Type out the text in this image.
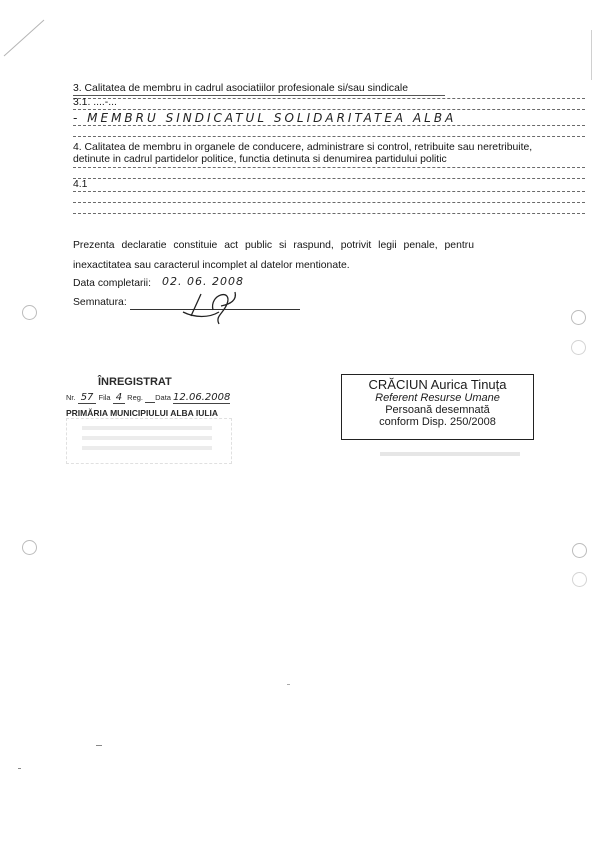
3. Calitatea de membru in cadrul asociatiilor profesionale si/sau sindicale
3.1. ....-...
- MEMBRU SINDICATUL SOLIDARITATEA ALBA
4. Calitatea de membru in organele de conducere, administrare si control, retribuite sau neretribuite,
detinute in cadrul partidelor politice, functia detinuta si denumirea partidului politic
4.1
Prezenta declaratie constituie act public si raspund, potrivit legii penale, pentru
inexactitatea sau caracterul incomplet al datelor mentionate.
Data completarii: 02. 06. 2008
Semnatura:
ÎNREGISTRAT
Nr. 57 Fila 4 Reg. Data 12.06.2008
PRIMĂRIA MUNICIPIULUI ALBA IULIA
CRĂCIUN Aurica Tinuța
Referent Resurse Umane
Persoană desemnată
conform Disp. 250/2008
